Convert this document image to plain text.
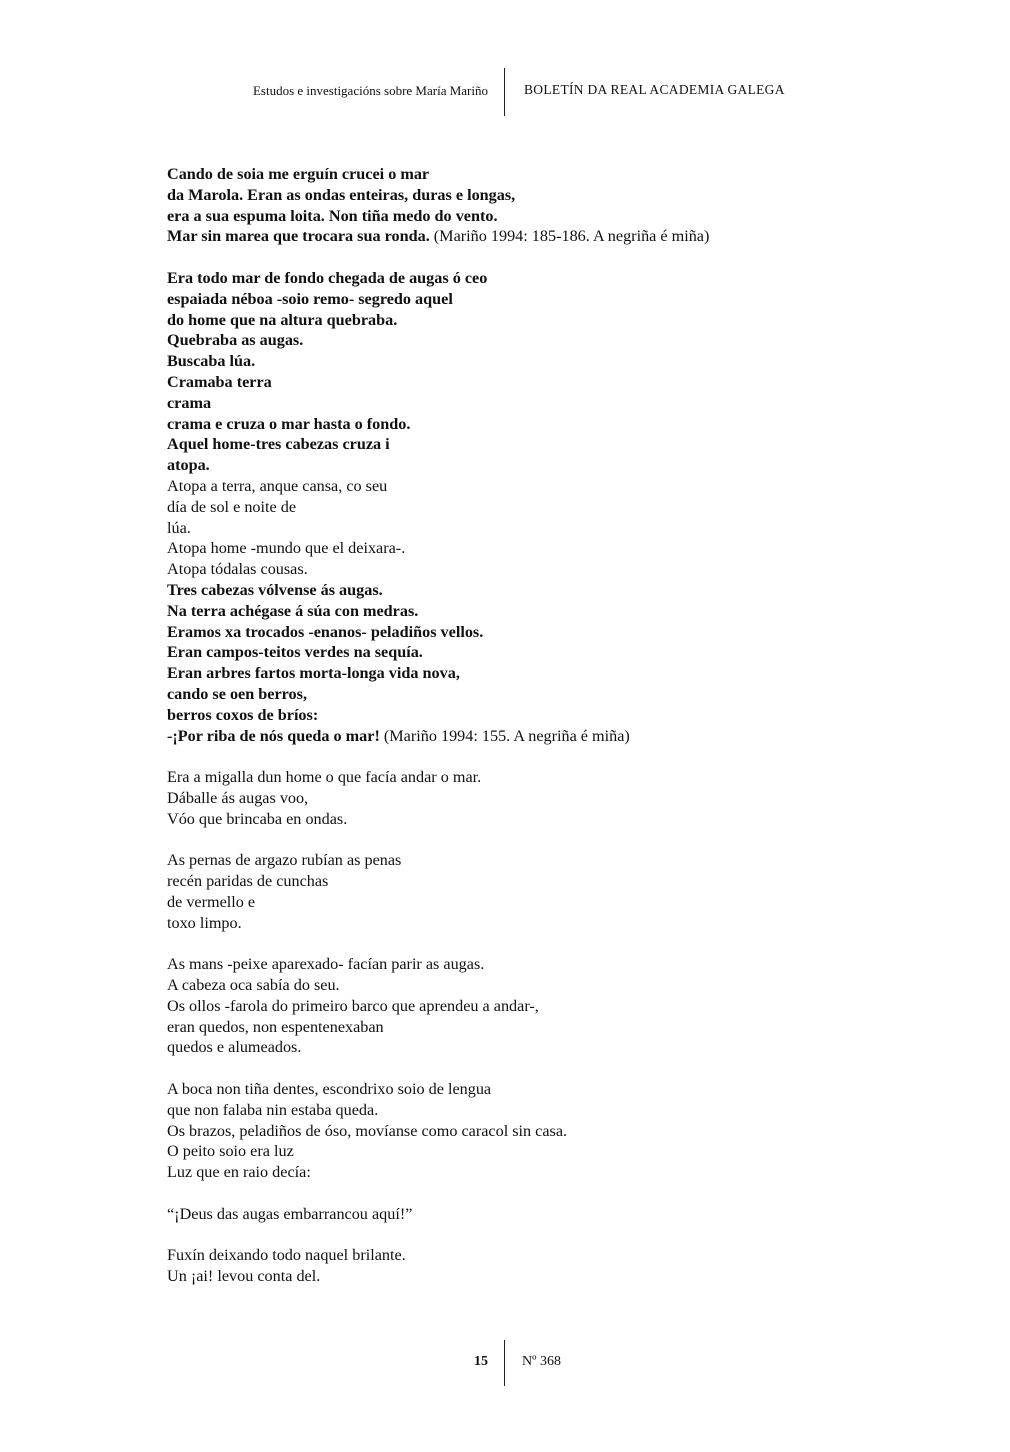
Estudos e investigacións sobre María Mariño	BOLETÍN DA REAL ACADEMIA GALEGA
Cando de soia me erguín crucei o mar
da Marola. Eran as ondas enteiras, duras e longas,
era a sua espuma loita. Non tiña medo do vento.
Mar sin marea que trocara sua ronda. (Mariño 1994: 185-186. A negriña é miña)
Era todo mar de fondo chegada de augas ó ceo
espaiada néboa -soio remo- segredo aquel
do home que na altura quebraba.
Quebraba as augas.
Buscaba lúa.
Cramaba terra
crama
crama e cruza o mar hasta o fondo.
Aquel home-tres cabezas cruza i
atopa.
Atopa a terra, anque cansa, co seu
día de sol e noite de
lúa.
Atopa home -mundo que el deixara-.
Atopa tódalas cousas.
Tres cabezas vólvense ás augas.
Na terra achégase á súa con medras.
Eramos xa trocados -enanos- peladiños vellos.
Eran campos-teitos verdes na sequía.
Eran arbres fartos morta-longa vida nova,
cando se oen berros,
berros coxos de bríos:
-¡Por riba de nós queda o mar! (Mariño 1994: 155. A negriña é miña)
Era a migalla dun home o que facía andar o mar.
Dáballe ás augas voo,
Vóo que brincaba en ondas.
As pernas de argazo rubían as penas
recén paridas de cunchas
de vermello e
toxo limpo.
As mans -peixe aparexado- facían parir as augas.
A cabeza oca sabía do seu.
Os ollos -farola do primeiro barco que aprendeu a andar-,
eran quedos, non espentenexaban
quedos e alumeados.
A boca non tiña dentes, escondrixo soio de lengua
que non falaba nin estaba queda.
Os brazos, peladiños de óso, movíanse como caracol sin casa.
O peito soio era luz
Luz que en raio decía:
“¡Deus das augas embarrancou aquí!”
Fuxín deixando todo naquel brilante.
Un ¡ai! levou conta del.
15 Nº 368
